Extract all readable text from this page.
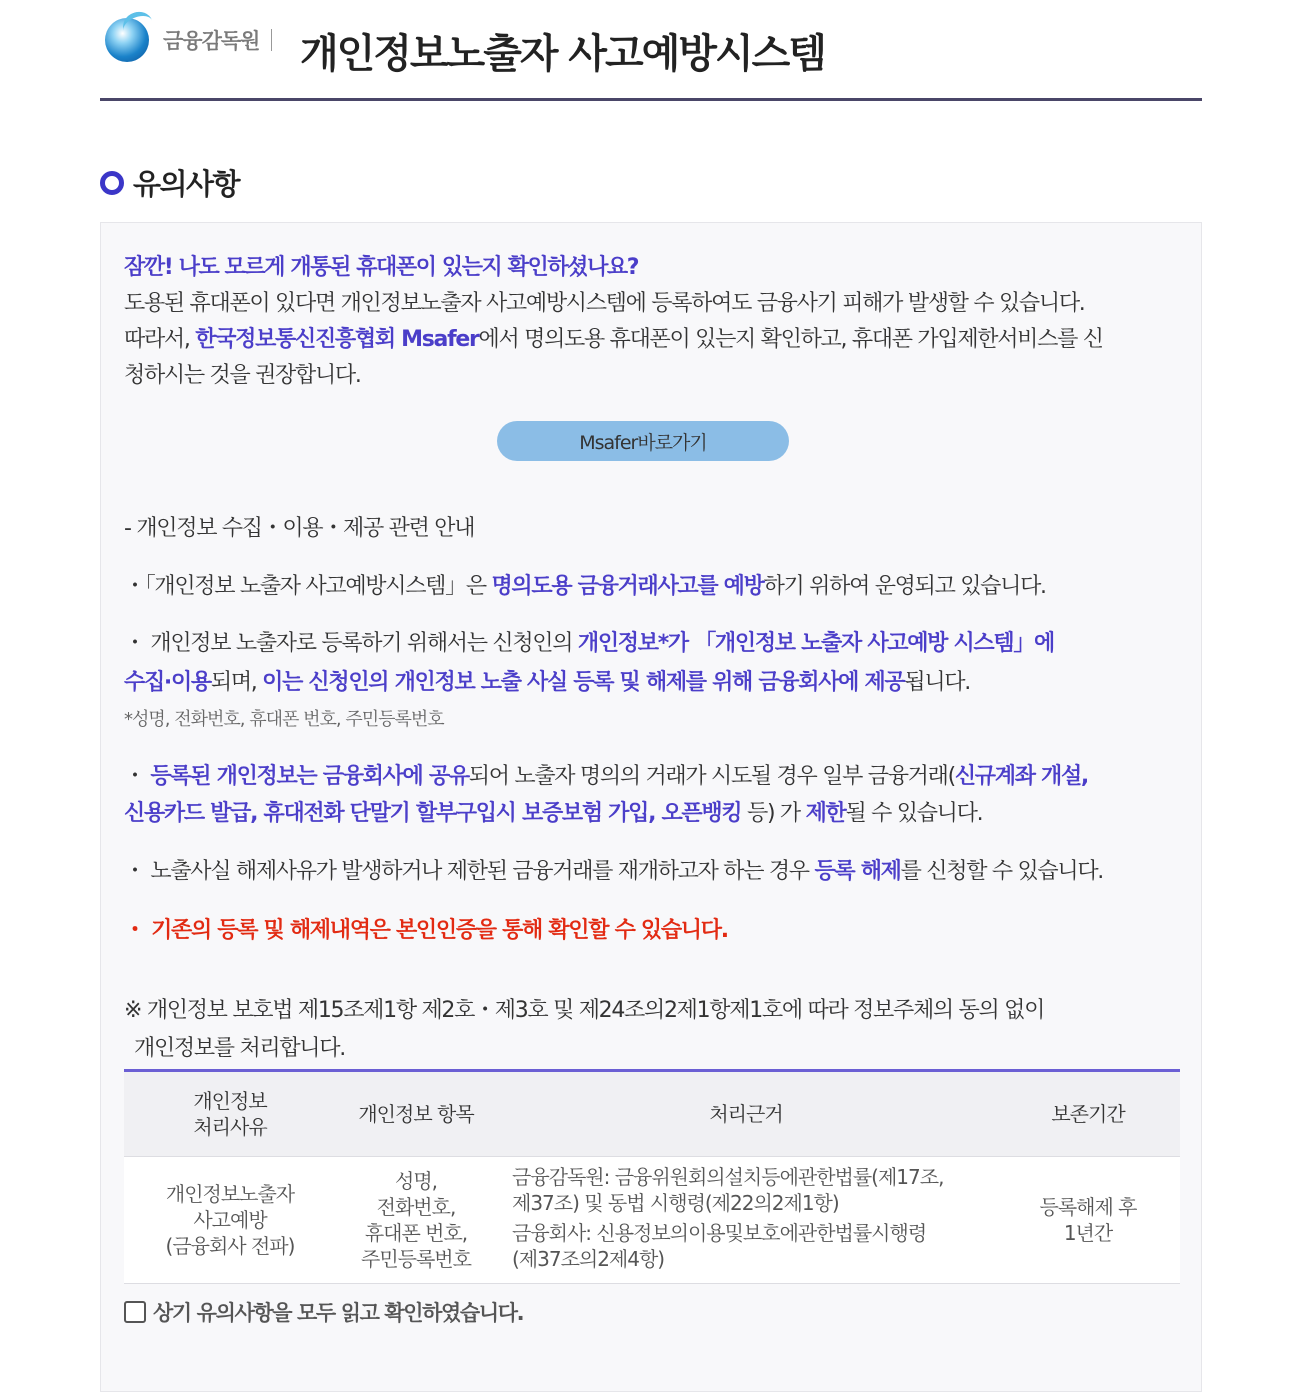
금융감독원 개인정보노출자 사고예방시스템
유의사항

잠깐! 나도 모르게 개통된 휴대폰이 있는지 확인하셨나요?

도용된 휴대폰이 있다면 개인정보노출자 사고예방시스템에 등록하여도 금융사기 피해가 발생할 수 있습니다.

따라서, 한국정보통신진흥협회 Msafer에서 명의도용 휴대폰이 있는지 확인하고, 휴대폰 가입제한서비스를 신

청하시는 것을 권장합니다.

Msafer바로가기

- 개인정보 수집・이용・제공 관련 안내

・「개인정보 노출자 사고예방시스템」은 명의도용 금융거래사고를 예방하기 위하여 운영되고 있습니다.

・ 개인정보 노출자로 등록하기 위해서는 신청인의 개인정보*가 「개인정보 노출자 사고예방 시스템」에

수집·이용되며, 이는 신청인의 개인정보 노출 사실 등록 및 해제를 위해 금융회사에 제공됩니다.

*성명, 전화번호, 휴대폰 번호, 주민등록번호

・ 등록된 개인정보는 금융회사에 공유되어 노출자 명의의 거래가 시도될 경우 일부 금융거래(신규계좌 개설,

신용카드 발급, 휴대전화 단말기 할부구입시 보증보험 가입, 오픈뱅킹 등) 가 제한될 수 있습니다.

・ 노출사실 해제사유가 발생하거나 제한된 금융거래를 재개하고자 하는 경우 등록 해제를 신청할 수 있습니다.

・ 기존의 등록 및 해제내역은 본인인증을 통해 확인할 수 있습니다.

※ 개인정보 보호법 제15조제1항 제2호・제3호 및 제24조의2제1항제1호에 따라 정보주체의 동의 없이

개인정보를 처리합니다.

개인정보
처리사유
개인정보 항목	처리근거	보존기간
개인정보노출자
사고예방
(금융회사 전파)
성명,
전화번호,
휴대폰 번호,
주민등록번호
금융감독원: 금융위원회의설치등에관한법률(제17조,
제37조) 및 동법 시행령(제22의2제1항)
금융회사: 신용정보의이용및보호에관한법률시행령
(제37조의2제4항)
등록해제 후
1년간
상기 유의사항을 모두 읽고 확인하였습니다.
